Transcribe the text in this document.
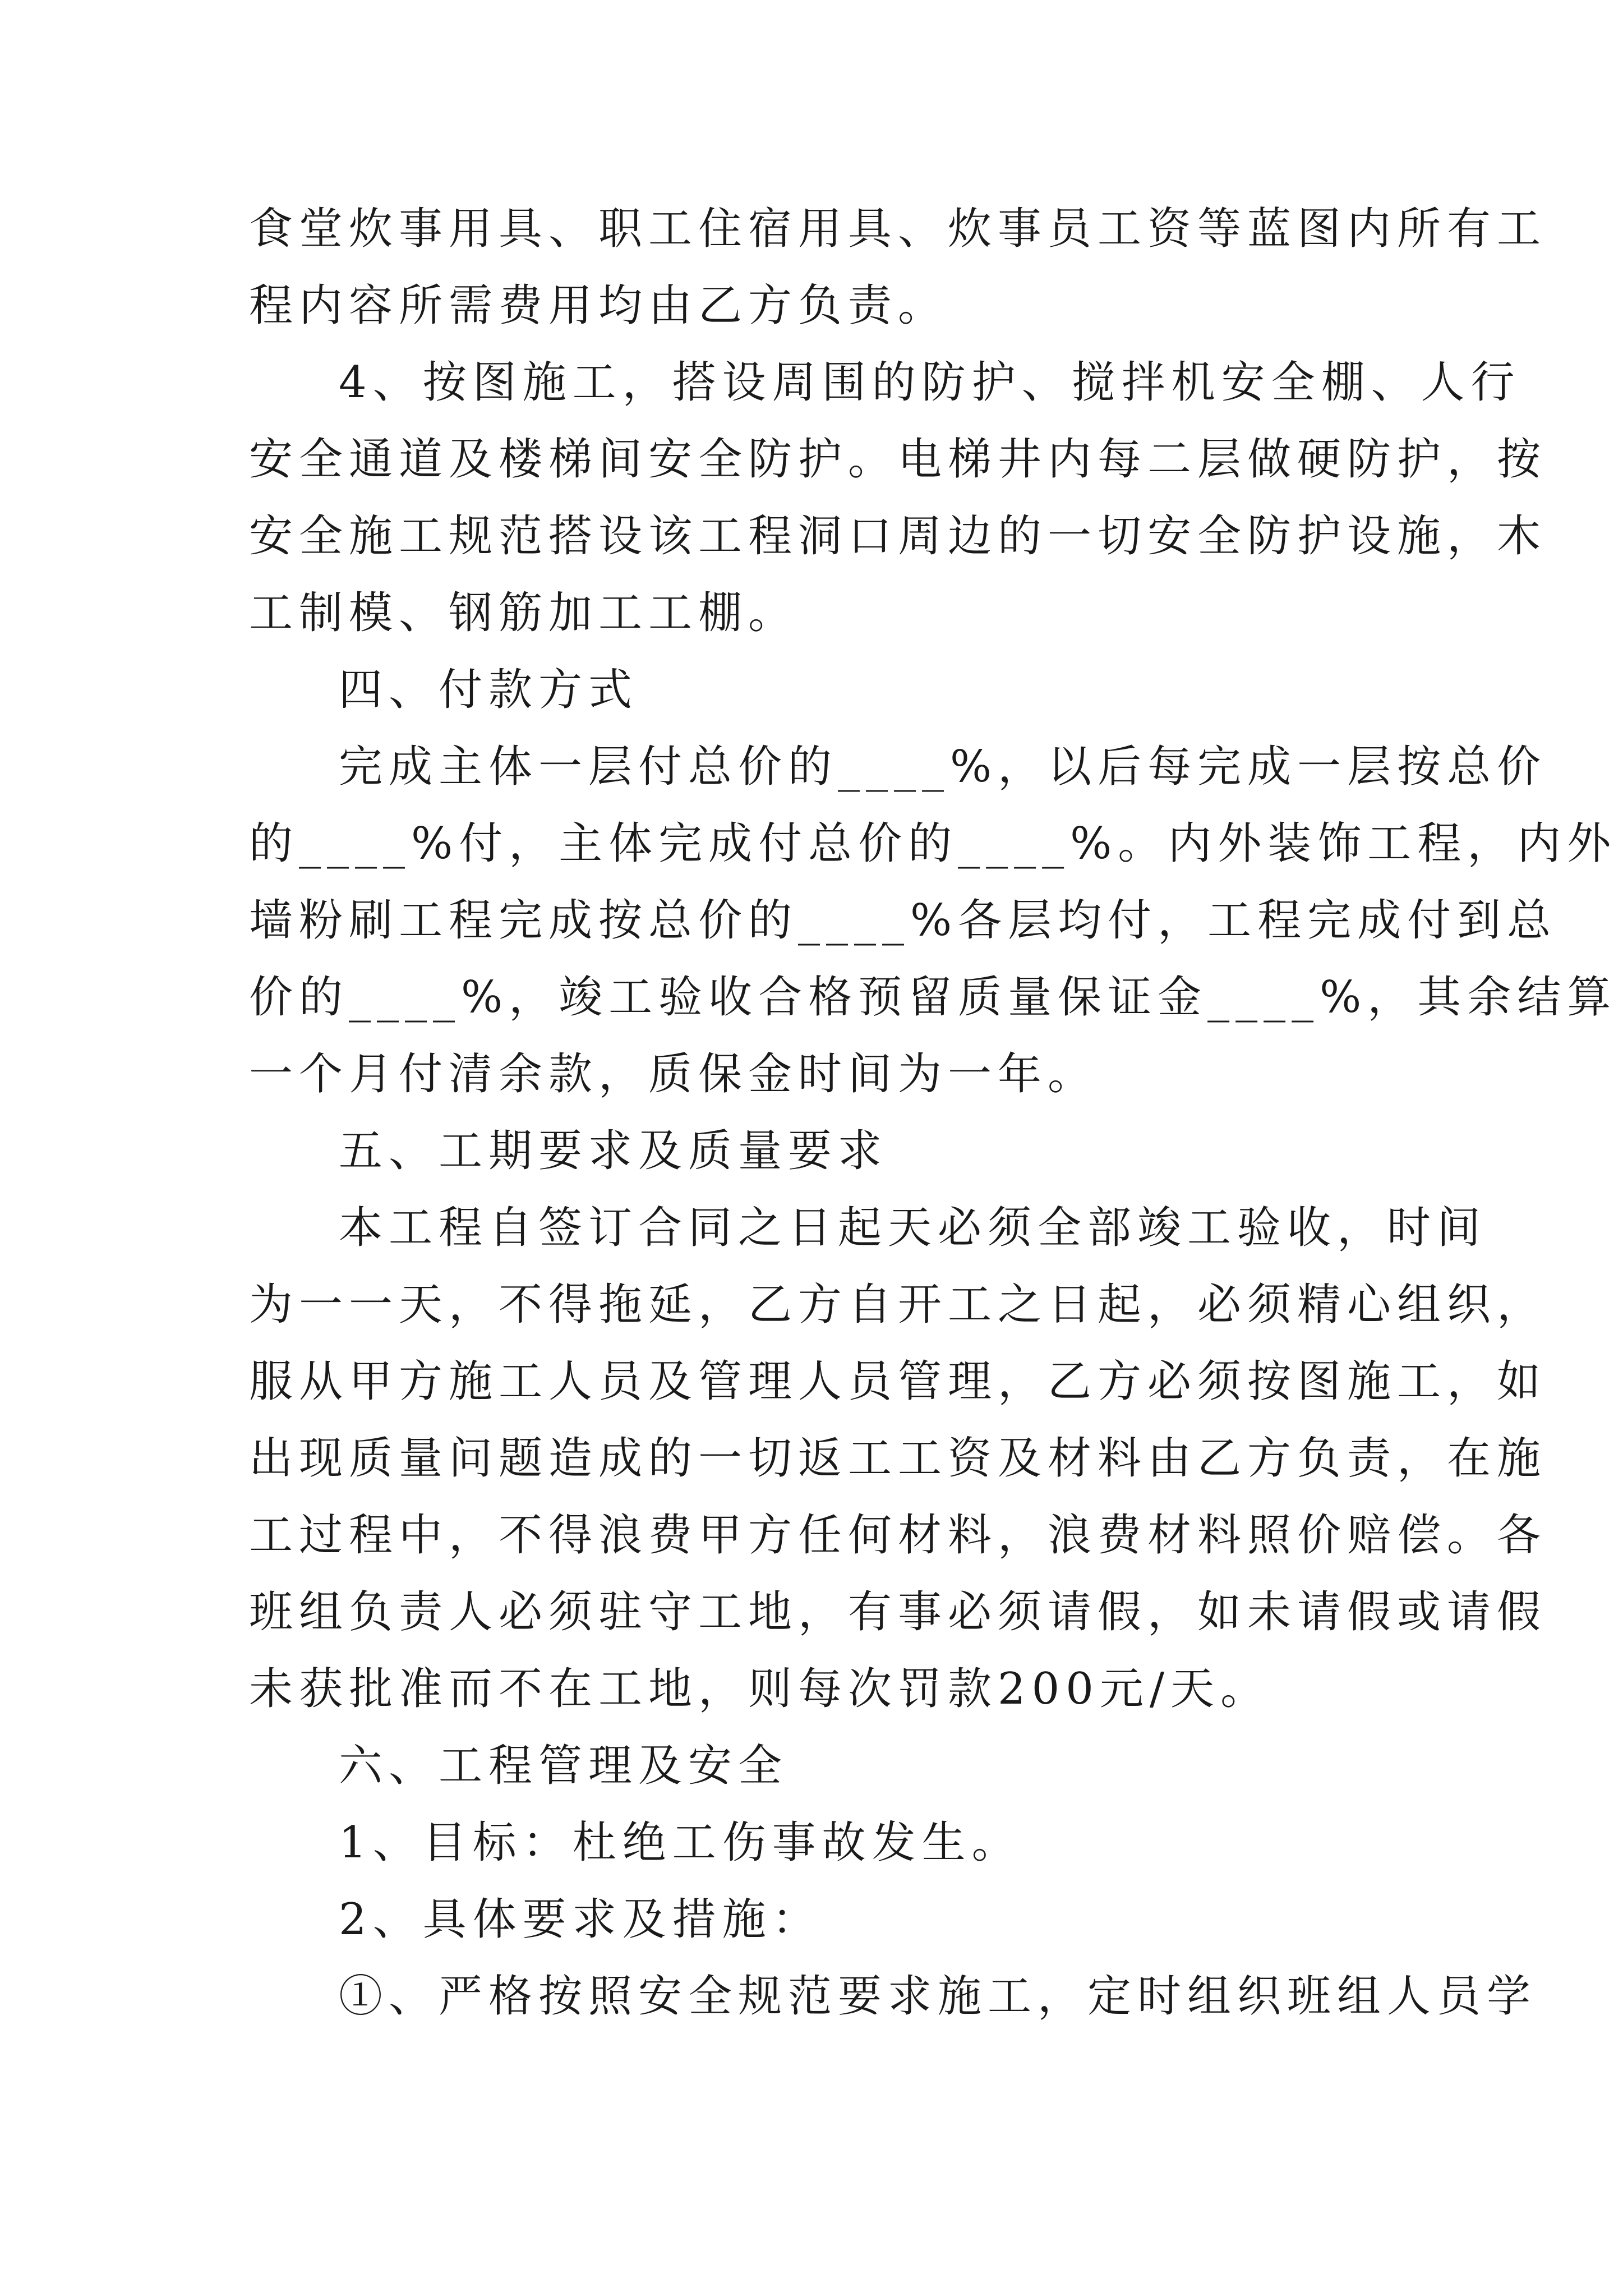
食堂炊事用具、职工住宿用具、炊事员工资等蓝图内所有工
程内容所需费用均由乙方负责。
4、按图施工，搭设周围的防护、搅拌机安全棚、人行
安全通道及楼梯间安全防护。电梯井内每二层做硬防护，按
安全施工规范搭设该工程洞口周边的一切安全防护设施，木
工制模、钢筋加工工棚。
四、付款方式
完成主体一层付总价的____%，以后每完成一层按总价
的____%付，主体完成付总价的____%。内外装饰工程，内外
墙粉刷工程完成按总价的____%各层均付，工程完成付到总
价的____%，竣工验收合格预留质量保证金____%，其余结算
一个月付清余款，质保金时间为一年。
五、工期要求及质量要求
本工程自签订合同之日起天必须全部竣工验收，时间
为一一天，不得拖延，乙方自开工之日起，必须精心组织，
服从甲方施工人员及管理人员管理，乙方必须按图施工，如
出现质量问题造成的一切返工工资及材料由乙方负责，在施
工过程中，不得浪费甲方任何材料，浪费材料照价赔偿。各
班组负责人必须驻守工地，有事必须请假，如未请假或请假
未获批准而不在工地，则每次罚款200元/天。
六、工程管理及安全
1、目标：杜绝工伤事故发生。
2、具体要求及措施：
①、严格按照安全规范要求施工，定时组织班组人员学
